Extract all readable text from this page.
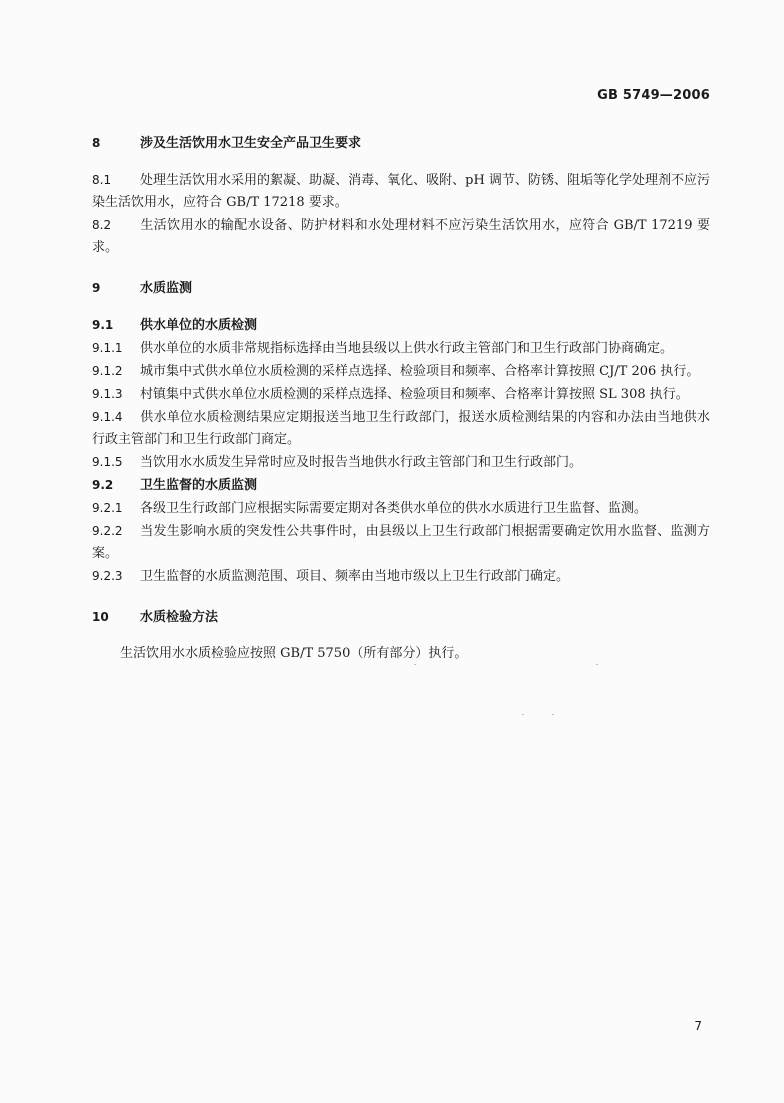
GB 5749—2006
8	涉及生活饮用水卫生安全产品卫生要求

8.1 处理生活饮用水采用的絮凝、助凝、消毒、氧化、吸附、pH 调节、防锈、阻垢等化学处理剂不应污染生活饮用水，应符合 GB/T 17218 要求。

8.2 生活饮用水的输配水设备、防护材料和水处理材料不应污染生活饮用水，应符合 GB/T 17219 要求。

9	水质监测
9.1 供水单位的水质检测

9.1.1 供水单位的水质非常规指标选择由当地县级以上供水行政主管部门和卫生行政部门协商确定。

9.1.2 城市集中式供水单位水质检测的采样点选择、检验项目和频率、合格率计算按照 CJ/T 206 执行。

9.1.3 村镇集中式供水单位水质检测的采样点选择、检验项目和频率、合格率计算按照 SL 308 执行。

9.1.4 供水单位水质检测结果应定期报送当地卫生行政部门，报送水质检测结果的内容和办法由当地供水行政主管部门和卫生行政部门商定。

9.1.5 当饮用水水质发生异常时应及时报告当地供水行政主管部门和卫生行政部门。

9.2 卫生监督的水质监测

9.2.1 各级卫生行政部门应根据实际需要定期对各类供水单位的供水水质进行卫生监督、监测。

9.2.2 当发生影响水质的突发性公共事件时，由县级以上卫生行政部门根据需要确定饮用水监督、监测方案。

9.2.3 卫生监督的水质监测范围、项目、频率由当地市级以上卫生行政部门确定。

10 水质检验方法

生活饮用水水质检验应按照 GB/T 5750（所有部分）执行。

7
